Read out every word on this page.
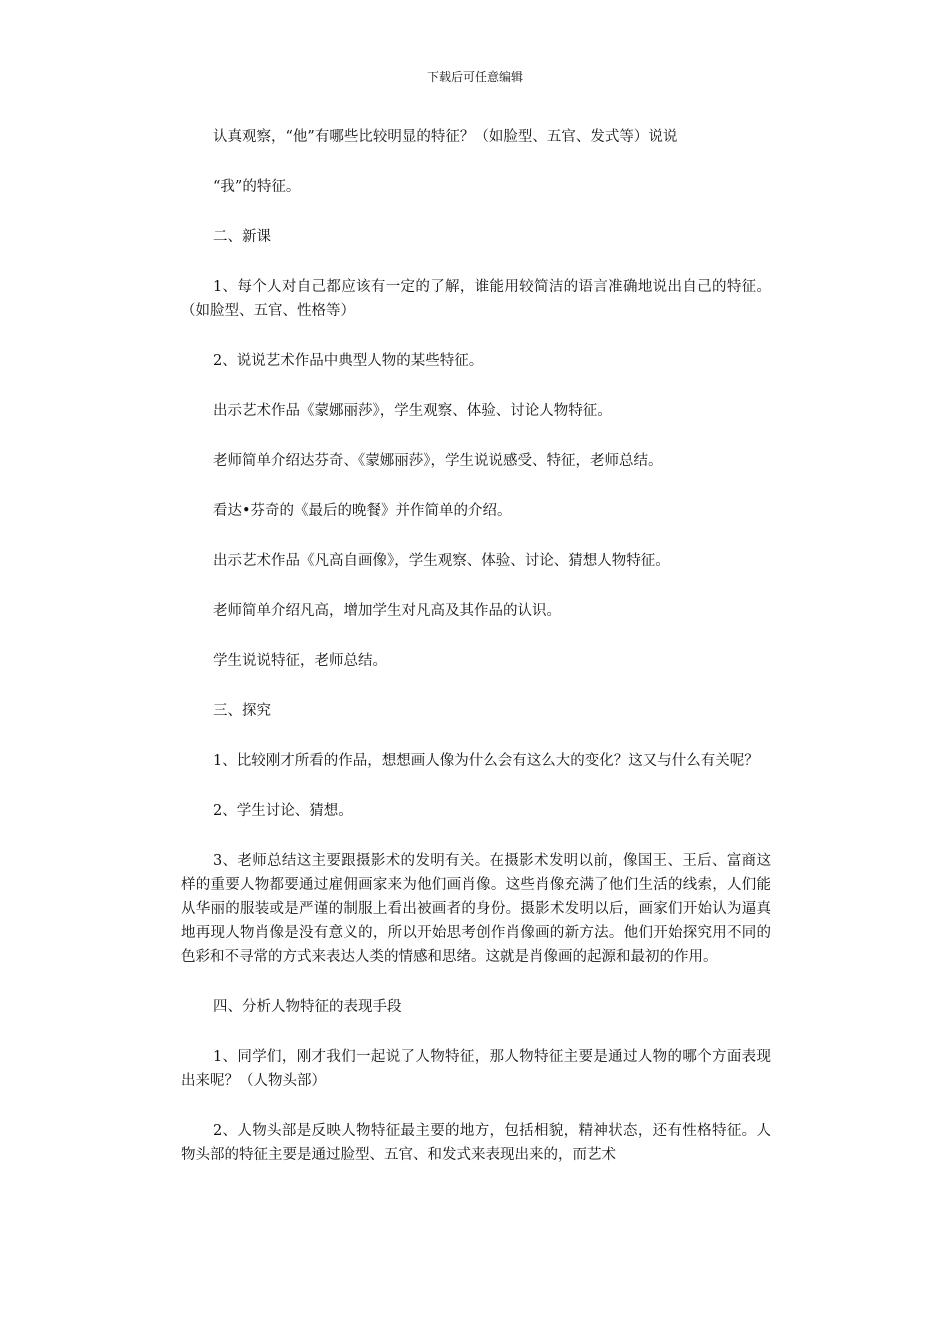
下载后可任意编辑

认真观察，“他”有哪些比较明显的特征？（如脸型、五官、发式等）说说

“我”的特征。

二、新课

1、每个人对自己都应该有一定的了解，谁能用较简洁的语言准确地说出自己的特征。（如脸型、五官、性格等）

2、说说艺术作品中典型人物的某些特征。

出示艺术作品《蒙娜丽莎》，学生观察、体验、讨论人物特征。

老师简单介绍达芬奇、《蒙娜丽莎》，学生说说感受、特征，老师总结。

看达•芬奇的《最后的晚餐》并作简单的介绍。

出示艺术作品《凡高自画像》，学生观察、体验、讨论、猜想人物特征。

老师简单介绍凡高，增加学生对凡高及其作品的认识。

学生说说特征，老师总结。

三、探究

1、比较刚才所看的作品，想想画人像为什么会有这么大的变化？这又与什么有关呢？

2、学生讨论、猜想。

3、老师总结这主要跟摄影术的发明有关。在摄影术发明以前，像国王、王后、富商这样的重要人物都要通过雇佣画家来为他们画肖像。这些肖像充满了他们生活的线索，人们能从华丽的服装或是严谨的制服上看出被画者的身份。摄影术发明以后，画家们开始认为逼真地再现人物肖像是没有意义的，所以开始思考创作肖像画的新方法。他们开始探究用不同的色彩和不寻常的方式来表达人类的情感和思绪。这就是肖像画的起源和最初的作用。

四、分析人物特征的表现手段

1、同学们，刚才我们一起说了人物特征，那人物特征主要是通过人物的哪个方面表现出来呢？（人物头部）

2、人物头部是反映人物特征最主要的地方，包括相貌，精神状态，还有性格特征。人物头部的特征主要是通过脸型、五官、和发式来表现出来的，而艺术
